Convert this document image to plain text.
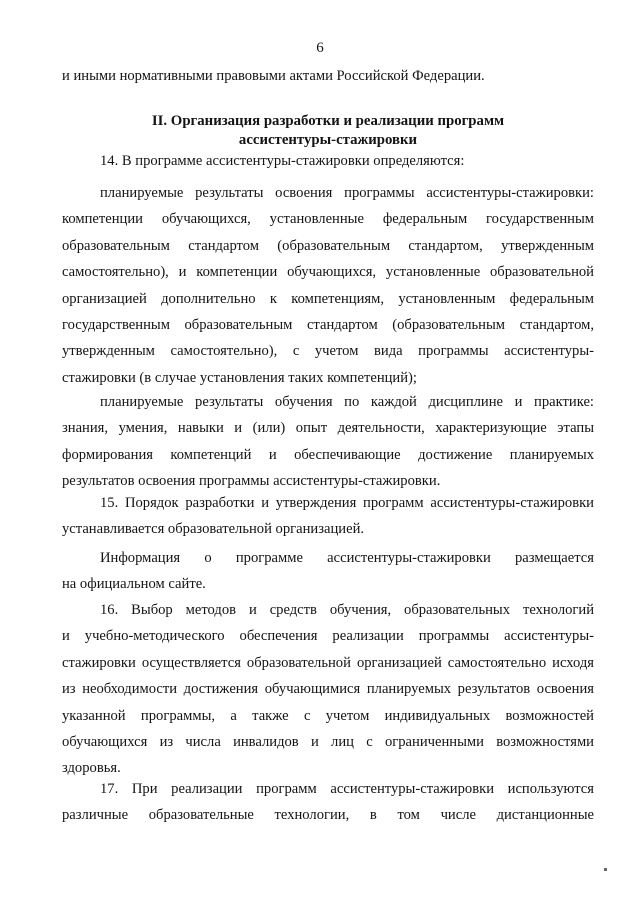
6

и иными нормативными правовыми актами Российской Федерации.

II. Организация разработки и реализации программ
ассистентуры-стажировки

14. В программе ассистентуры-стажировки определяются:

планируемые результаты освоения программы ассистентуры-стажировки:

компетенции обучающихся, установленные федеральным государственным

образовательным стандартом (образовательным стандартом, утвержденным

самостоятельно), и компетенции обучающихся, установленные образовательной

организацией дополнительно к компетенциям, установленным федеральным

государственным образовательным стандартом (образовательным стандартом,

утвержденным самостоятельно), с учетом вида программы ассистентуры-

стажировки (в случае установления таких компетенций);

планируемые результаты обучения по каждой дисциплине и практике:

знания, умения, навыки и (или) опыт деятельности, характеризующие этапы

формирования компетенций и обеспечивающие достижение планируемых

результатов освоения программы ассистентуры-стажировки.

15. Порядок разработки и утверждения программ ассистентуры-стажировки

устанавливается образовательной организацией.

Информация о программе ассистентуры-стажировки размещается

на официальном сайте.

16. Выбор методов и средств обучения, образовательных технологий

и учебно-методического обеспечения реализации программы ассистентуры-

стажировки осуществляется образовательной организацией самостоятельно исходя

из необходимости достижения обучающимися планируемых результатов освоения

указанной программы, а также с учетом индивидуальных возможностей

обучающихся из числа инвалидов и лиц с ограниченными возможностями

здоровья.

17. При реализации программ ассистентуры-стажировки используются

различные образовательные технологии, в том числе дистанционные
